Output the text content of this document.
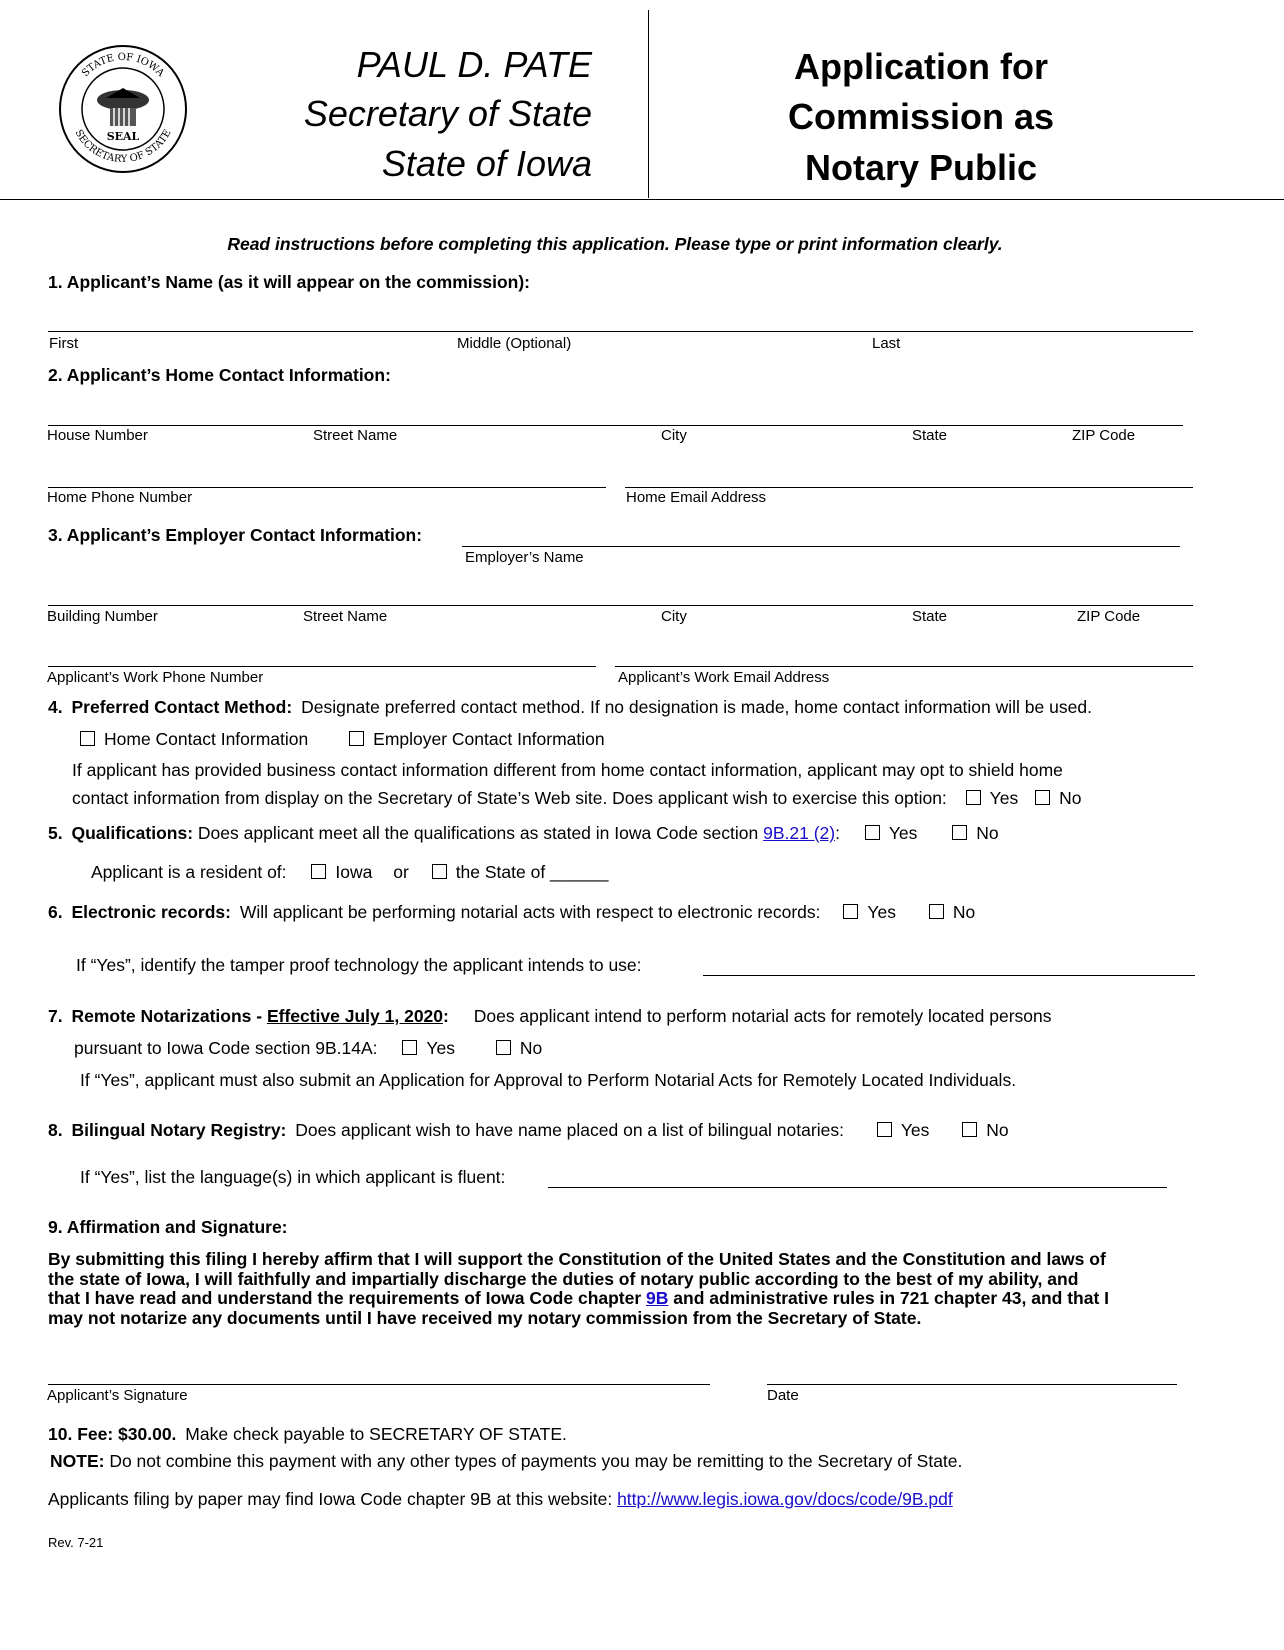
STATE OF IOWA
SECRETARY OF STATE
SEAL
PAUL D. PATE
Secretary of State
State of Iowa
Application for
Commission as
Notary Public
Read instructions before completing this application. Please type or print information clearly.
1. Applicant’s Name (as it will appear on the commission):
First	Middle (Optional)	Last
2. Applicant’s Home Contact Information:
House Number	Street Name	City	State	ZIP Code
Home Phone Number	Home Email Address
3. Applicant’s Employer Contact Information:
Employer’s Name
Building Number	Street Name	City	State	ZIP Code
Applicant’s Work Phone Number	Applicant’s Work Email Address
4. Preferred Contact Method: Designate preferred contact method. If no designation is made, home contact information will be used.
Home Contact Information	Employer Contact Information
If applicant has provided business contact information different from home contact information, applicant may opt to shield home
contact information from display on the Secretary of State’s Web site. Does applicant wish to exercise this option: Yes No
5. Qualifications: Does applicant meet all the qualifications as stated in Iowa Code section 9B.21 (2):	Yes	No
Applicant is a resident of:	Iowa or	the State of ______
6. Electronic records: Will applicant be performing notarial acts with respect to electronic records:	Yes	No
If “Yes”, identify the tamper proof technology the applicant intends to use:
7. Remote Notarizations - Effective July 1, 2020: Does applicant intend to perform notarial acts for remotely located persons
pursuant to Iowa Code section 9B.14A:	Yes	No
If “Yes”, applicant must also submit an Application for Approval to Perform Notarial Acts for Remotely Located Individuals.
8. Bilingual Notary Registry: Does applicant wish to have name placed on a list of bilingual notaries:	Yes	No
If “Yes”, list the language(s) in which applicant is fluent:
9. Affirmation and Signature:
By submitting this filing I hereby affirm that I will support the Constitution of the United States and the Constitution and laws of
the state of Iowa, I will faithfully and impartially discharge the duties of notary public according to the best of my ability, and
that I have read and understand the requirements of Iowa Code chapter 9B and administrative rules in 721 chapter 43, and that I
may not notarize any documents until I have received my notary commission from the Secretary of State.
Applicant’s Signature	Date
10. Fee: $30.00. Make check payable to SECRETARY OF STATE.
NOTE: Do not combine this payment with any other types of payments you may be remitting to the Secretary of State.
Applicants filing by paper may find Iowa Code chapter 9B at this website: http://www.legis.iowa.gov/docs/code/9B.pdf
Rev. 7-21
